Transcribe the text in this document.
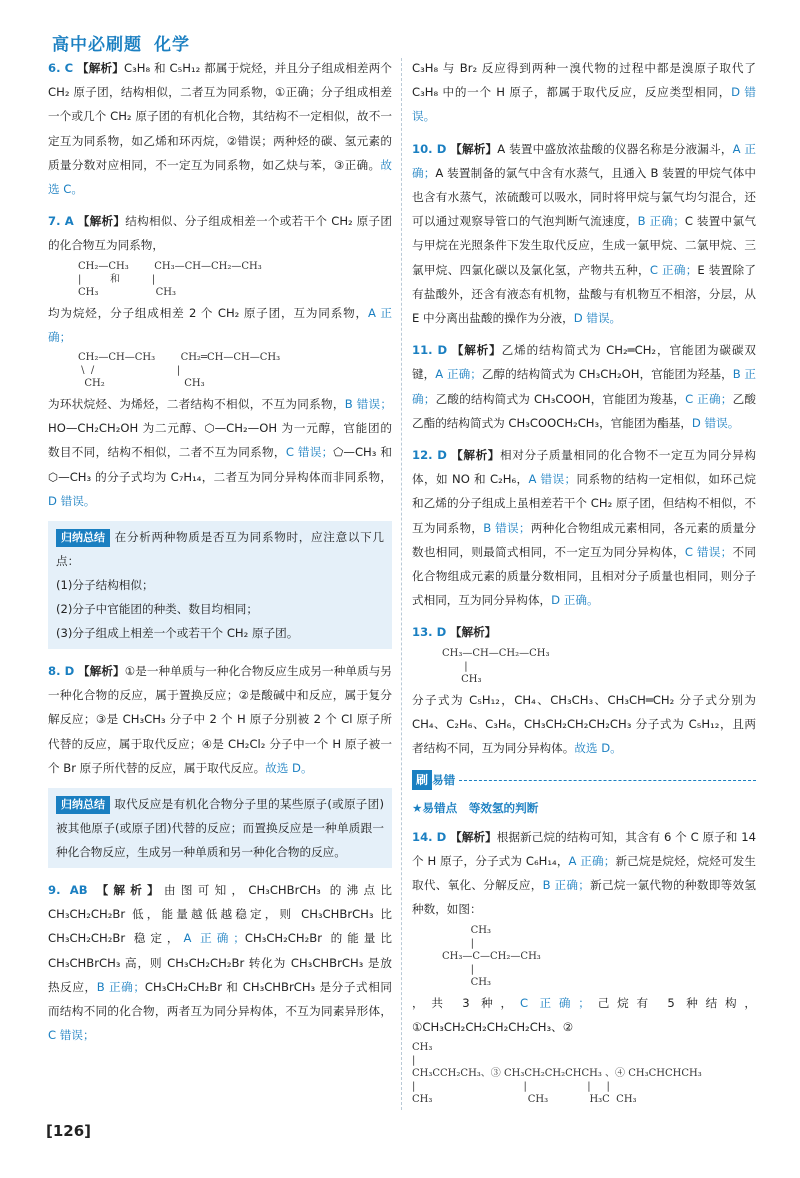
高中必刷题 化学
6. C 【解析】C₃H₈ 和 C₅H₁₂ 都属于烷烃，并且分子组成相差两个 CH₂ 原子团，结构相似，二者互为同系物，①正确；分子组成相差一个或几个 CH₂ 原子团的有机化合物，其结构不一定相似，故不一定互为同系物，如乙烯和环丙烷，②错误；两种烃的碳、氢元素的质量分数对应相同，不一定互为同系物，如乙炔与苯，③正确。故选 C。
7. A 【解析】结构相似、分子组成相差一个或若干个 CH₂ 原子团的化合物互为同系物，
CH₂—CH₃        CH₃—CH—CH₂—CH₃
|         和          |
CH₃                  CH₃
均为烷烃，分子组成相差 2 个 CH₂ 原子团，互为同系物，A 正确；
CH₂—CH—CH₃        CH₂═CH—CH—CH₃
\  /                          |
CH₂                         CH₃
为环状烷烃、为烯烃，二者结构不相似，不互为同系物，B 错误；HO—CH₂CH₂OH 为二元醇、⬡—CH₂—OH 为一元醇，官能团的数目不同，结构不相似，二者不互为同系物，C 错误；⬠—CH₃ 和 ⬡—CH₃ 的分子式均为 C₇H₁₄，二者互为同分异构体而非同系物，D 错误。
归纳总结 在分析两种物质是否互为同系物时，应注意以下几点：
(1)分子结构相似；
(2)分子中官能团的种类、数目均相同；
(3)分子组成上相差一个或若干个 CH₂ 原子团。
8. D 【解析】①是一种单质与一种化合物反应生成另一种单质与另一种化合物的反应，属于置换反应；②是酸碱中和反应，属于复分解反应；③是 CH₃CH₃ 分子中 2 个 H 原子分别被 2 个 Cl 原子所代替的反应，属于取代反应；④是 CH₂Cl₂ 分子中一个 H 原子被一个 Br 原子所代替的反应，属于取代反应。故选 D。
归纳总结 取代反应是有机化合物分子里的某些原子(或原子团)被其他原子(或原子团)代替的反应；而置换反应是一种单质跟一种化合物反应，生成另一种单质和另一种化合物的反应。
9. AB 【解析】由图可知，CH₃CHBrCH₃ 的沸点比 CH₃CH₂CH₂Br 低，能量越低越稳定，则 CH₃CHBrCH₃ 比 CH₃CH₂CH₂Br 稳定，A 正确；CH₃CH₂CH₂Br 的能量比 CH₃CHBrCH₃ 高，则 CH₃CH₂CH₂Br 转化为 CH₃CHBrCH₃ 是放热反应，B 正确；CH₃CH₂CH₂Br 和 CH₃CHBrCH₃ 是分子式相同而结构不同的化合物，两者互为同分异构体，不互为同素异形体，C 错误；
C₃H₈ 与 Br₂ 反应得到两种一溴代物的过程中都是溴原子取代了 C₃H₈ 中的一个 H 原子，都属于取代反应，反应类型相同，D 错误。
10. D 【解析】A 装置中盛放浓盐酸的仪器名称是分液漏斗，A 正确；A 装置制备的氯气中含有水蒸气，且通入 B 装置的甲烷气体中也含有水蒸气，浓硫酸可以吸水，同时将甲烷与氯气均匀混合，还可以通过观察导管口的气泡判断气流速度，B 正确；C 装置中氯气与甲烷在光照条件下发生取代反应，生成一氯甲烷、二氯甲烷、三氯甲烷、四氯化碳以及氯化氢，产物共五种，C 正确；E 装置除了有盐酸外，还含有液态有机物，盐酸与有机物互不相溶，分层，从 E 中分离出盐酸的操作为分液，D 错误。
11. D 【解析】乙烯的结构简式为 CH₂═CH₂，官能团为碳碳双键，A 正确；乙醇的结构简式为 CH₃CH₂OH，官能团为羟基，B 正确；乙酸的结构简式为 CH₃COOH，官能团为羧基，C 正确；乙酸乙酯的结构简式为 CH₃COOCH₂CH₃，官能团为酯基，D 错误。
12. D 【解析】相对分子质量相同的化合物不一定互为同分异构体，如 NO 和 C₂H₆，A 错误；同系物的结构一定相似，如环己烷和乙烯的分子组成上虽相差若干个 CH₂ 原子团，但结构不相似，不互为同系物，B 错误；两种化合物组成元素相同，各元素的质量分数也相同，则最简式相同，不一定互为同分异构体，C 错误；不同化合物组成元素的质量分数相同，且相对分子质量也相同，则分子式相同，互为同分异构体，D 正确。
13. D 【解析】
CH₃—CH—CH₂—CH₃
|
CH₃
分子式为 C₅H₁₂，CH₄、CH₃CH₃、CH₃CH═CH₂ 分子式分别为 CH₄、C₂H₆、C₃H₆，CH₃CH₂CH₂CH₂CH₃ 分子式为 C₅H₁₂，且两者结构不同，互为同分异构体。故选 D。
刷 易错
★易错点　等效氢的判断
14. D 【解析】根据新己烷的结构可知，其含有 6 个 C 原子和 14 个 H 原子，分子式为 C₆H₁₄，A 正确；新己烷是烷烃，烷烃可发生取代、氧化、分解反应，B 正确；新己烷一氯代物的种数即等效氢种数，如图：
CH₃
|
CH₃—C—CH₂—CH₃
|
CH₃
，共 3 种，C 正确；己烷有 5 种结构，①CH₃CH₂CH₂CH₂CH₂CH₃、②
CH₃
|
CH₃CCH₂CH₃、③ CH₃CH₂CH₂CHCH₃ 、④ CH₃CHCHCH₃
|                                  |                   |     |
CH₃                              CH₃             H₃C  CH₃
[126]
